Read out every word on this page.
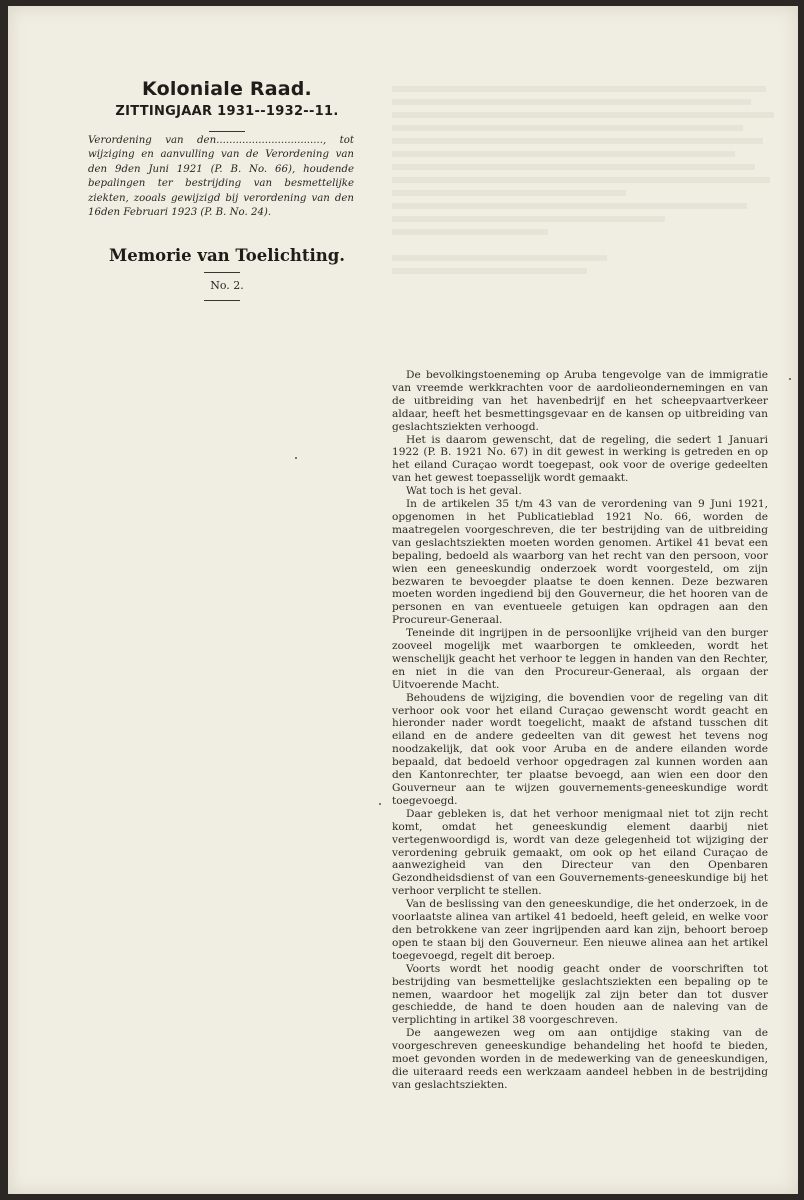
Koloniale Raad.
ZITTINGJAAR 1931--1932--11.
Verordening van den................................., tot wijziging en aanvulling van de Verordening van den 9den Juni 1921 (P. B. No. 66), houdende bepalingen ter bestrijding van besmettelijke ziekten, zooals gewijzigd bij verordening van den 16den Februari 1923 (P. B. No. 24).
Memorie van Toelichting.
No. 2.

De bevolkingstoeneming op Aruba tengevolge van de immigratie van vreemde werkkrachten voor de aardolieondernemingen en van de uitbreiding van het havenbedrijf en het scheepvaartverkeer aldaar, heeft het besmettingsgevaar en de kansen op uitbreiding van geslachtsziekten verhoogd.

Het is daarom gewenscht, dat de regeling, die sedert 1 Januari 1922 (P. B. 1921 No. 67) in dit gewest in werking is getreden en op het eiland Curaçao wordt toegepast, ook voor de overige gedeelten van het gewest toepasselijk wordt gemaakt.

Wat toch is het geval.

In de artikelen 35 t/m 43 van de verordening van 9 Juni 1921, opgenomen in het Publicatieblad 1921 No. 66, worden de maatregelen voorgeschreven, die ter bestrijding van de uitbreiding van geslachtsziekten moeten worden genomen. Artikel 41 bevat een bepaling, bedoeld als waarborg van het recht van den persoon, voor wien een geneeskundig onderzoek wordt voorgesteld, om zijn bezwaren te bevoegder plaatse te doen kennen. Deze bezwaren moeten worden ingediend bij den Gouverneur, die het hooren van de personen en van eventueele getuigen kan opdragen aan den Procureur-Generaal.

Teneinde dit ingrijpen in de persoonlijke vrijheid van den burger zooveel mogelijk met waarborgen te omkleeden, wordt het wenschelijk geacht het verhoor te leggen in handen van den Rechter, en niet in die van den Procureur-Generaal, als orgaan der Uitvoerende Macht.

Behoudens de wijziging, die bovendien voor de regeling van dit verhoor ook voor het eiland Curaçao gewenscht wordt geacht en hieronder nader wordt toegelicht, maakt de afstand tusschen dit eiland en de andere gedeelten van dit gewest het tevens nog noodzakelijk, dat ook voor Aruba en de andere eilanden worde bepaald, dat bedoeld verhoor opgedragen zal kunnen worden aan den Kantonrechter, ter plaatse bevoegd, aan wien een door den Gouverneur aan te wijzen gouvernements-geneeskundige wordt toegevoegd.

Daar gebleken is, dat het verhoor menigmaal niet tot zijn recht komt, omdat het geneeskundig element daarbij niet vertegenwoordigd is, wordt van deze gelegenheid tot wijziging der verordening gebruik gemaakt, om ook op het eiland Curaçao de aanwezigheid van den Directeur van den Openbaren Gezondheidsdienst of van een Gouvernements-geneeskundige bij het verhoor verplicht te stellen.

Van de beslissing van den geneeskundige, die het onderzoek, in de voorlaatste alinea van artikel 41 bedoeld, heeft geleid, en welke voor den betrokkene van zeer ingrijpenden aard kan zijn, behoort beroep open te staan bij den Gouverneur. Een nieuwe alinea aan het artikel toegevoegd, regelt dit beroep.

Voorts wordt het noodig geacht onder de voorschriften tot bestrijding van besmettelijke geslachtsziekten een bepaling op te nemen, waardoor het mogelijk zal zijn beter dan tot dusver geschiedde, de hand te doen houden aan de naleving van de verplichting in artikel 38 voorgeschreven.

De aangewezen weg om aan ontijdige staking van de voorgeschreven geneeskundige behandeling het hoofd te bieden, moet gevonden worden in de medewerking van de geneeskundigen, die uiteraard reeds een werkzaam aandeel hebben in de bestrijding van geslachtsziekten.
